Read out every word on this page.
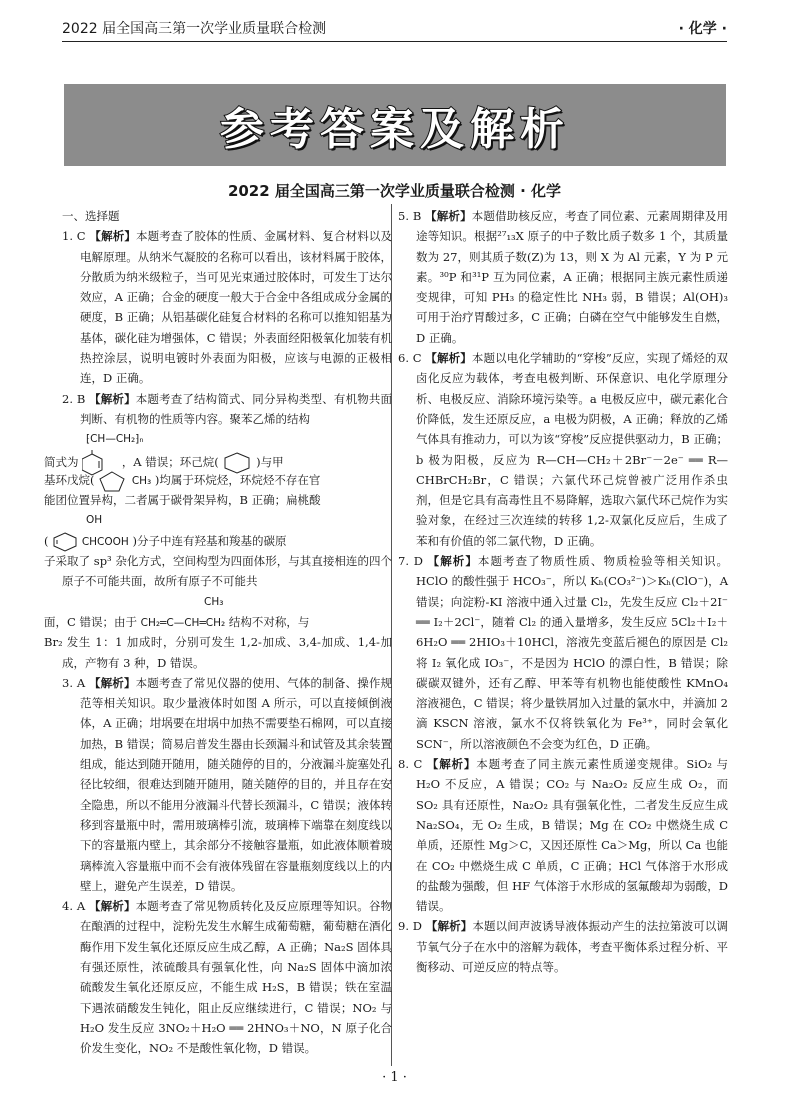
2022 届全国高三第一次学业质量联合检测	· 化学 ·
参考答案及解析
2022 届全国高三第一次学业质量联合检测 · 化学
一、选择题

1. C 【解析】本题考查了胶体的性质、金属材料、复合材料以及电解原理。从纳米气凝胶的名称可以看出，该材料属于胶体，分散质为纳米级粒子，当可见光束通过胶体时，可发生丁达尔效应，A 正确；合金的硬度一般大于合金中各组成成分金属的硬度，B 正确；从铝基碳化硅复合材料的名称可以推知铝基为基体，碳化硅为增强体，C 错误；外表面经阳极氧化加装有机热控涂层，说明电镀时外表面为阳极，应该与电源的正极相连，D 正确。

2. B 【解析】本题考查了结构简式、同分异构类型、有机物共面判断、有机物的性质等内容。聚苯乙烯的结构
⁅CH—CH₂⁆ₙ
简式为	，A 错误；环己烷(	)与甲
基环戊烷(	CH₃ )均属于环烷烃，环烷烃不存在官
能团位置异构，二者属于碳骨架异构，B 正确；扁桃酸
OH
(	CHCOOH )分子中连有羟基和羧基的碳原
子采取了 sp³ 杂化方式，空间构型为四面体形，与其直接相连的四个原子不可能共面，故所有原子不可能共
CH₃
面，C 错误；由于 CH₂═C—CH═CH₂ 结构不对称，与
Br₂ 发生 1：1 加成时，分别可发生 1,2-加成、3,4-加成、1,4-加成，产物有 3 种，D 错误。

3. A 【解析】本题考查了常见仪器的使用、气体的制备、操作规范等相关知识。取少量液体时如图 A 所示，可以直接倾倒液体，A 正确；坩埚要在坩埚中加热不需要垫石棉网，可以直接加热，B 错误；简易启普发生器由长颈漏斗和试管及其余装置组成，能达到随开随用，随关随停的目的，分液漏斗旋塞处孔径比较细，很难达到随开随用，随关随停的目的，并且存在安全隐患，所以不能用分液漏斗代替长颈漏斗，C 错误；液体转移到容量瓶中时，需用玻璃棒引流，玻璃棒下端靠在刻度线以下的容量瓶内壁上，其余部分不接触容量瓶，如此液体顺着玻璃棒流入容量瓶中而不会有液体残留在容量瓶刻度线以上的内壁上，避免产生误差，D 错误。

4. A 【解析】本题考查了常见物质转化及反应原理等知识。谷物在酿酒的过程中，淀粉先发生水解生成葡萄糖，葡萄糖在酒化酶作用下发生氧化还原反应生成乙醇，A 正确；Na₂S 固体具有强还原性，浓硫酸具有强氧化性，向 Na₂S 固体中滴加浓硫酸发生氧化还原反应，不能生成 H₂S，B 错误；铁在室温下遇浓硝酸发生钝化，阻止反应继续进行，C 错误；NO₂ 与 H₂O 发生反应 3NO₂＋H₂O ══ 2HNO₃＋NO，N 原子化合价发生变化，NO₂ 不是酸性氧化物，D 错误。

5. B 【解析】本题借助核反应，考查了同位素、元素周期律及用途等知识。根据²⁷₁₃X 原子的中子数比质子数多 1 个，其质量数为 27，则其质子数(Z)为 13，则 X 为 Al 元素，Y 为 P 元素。³⁰P 和³¹P 互为同位素，A 正确；根据同主族元素性质递变规律，可知 PH₃ 的稳定性比 NH₃ 弱，B 错误；Al(OH)₃ 可用于治疗胃酸过多，C 正确；白磷在空气中能够发生自燃，D 正确。

6. C 【解析】本题以电化学辅助的“穿梭”反应，实现了烯烃的双卤化反应为载体，考查电极判断、环保意识、电化学原理分析、电极反应、消除环境污染等。a 电极反应中，碳元素化合价降低，发生还原反应，a 电极为阴极，A 正确；释放的乙烯气体具有推动力，可以为该“穿梭”反应提供驱动力，B 正确；b 极为阳极，反应为 R—CH—CH₂＋2Br⁻－2e⁻ ══ R—CHBrCH₂Br，C 错误；六氯代环己烷曾被广泛用作杀虫剂，但是它具有高毒性且不易降解，选取六氯代环己烷作为实验对象，在经过三次连续的转移 1,2-双氯化反应后，生成了苯和有价值的邻二氯代物，D 正确。

7. D 【解析】本题考查了物质性质、物质检验等相关知识。HClO 的酸性强于 HCO₃⁻，所以 Kₕ(CO₃²⁻)＞Kₕ(ClO⁻)，A 错误；向淀粉-KI 溶液中通入过量 Cl₂，先发生反应 Cl₂＋2I⁻ ══ I₂＋2Cl⁻，随着 Cl₂ 的通入量增多，发生反应 5Cl₂＋I₂＋6H₂O ══ 2HIO₃＋10HCl，溶液先变蓝后褪色的原因是 Cl₂ 将 I₂ 氧化成 IO₃⁻，不是因为 HClO 的漂白性，B 错误；除碳碳双键外，还有乙醇、甲苯等有机物也能使酸性 KMnO₄ 溶液褪色，C 错误；将少量铁屑加入过量的氯水中，并滴加 2 滴 KSCN 溶液，氯水不仅将铁氧化为 Fe³⁺，同时会氧化 SCN⁻，所以溶液颜色不会变为红色，D 正确。

8. C 【解析】本题考查了同主族元素性质递变规律。SiO₂ 与 H₂O 不反应，A 错误；CO₂ 与 Na₂O₂ 反应生成 O₂，而 SO₂ 具有还原性，Na₂O₂ 具有强氧化性，二者发生反应生成 Na₂SO₄，无 O₂ 生成，B 错误；Mg 在 CO₂ 中燃烧生成 C 单质，还原性 Mg＞C，又因还原性 Ca＞Mg，所以 Ca 也能在 CO₂ 中燃烧生成 C 单质，C 正确；HCl 气体溶于水形成的盐酸为强酸，但 HF 气体溶于水形成的氢氟酸却为弱酸，D 错误。

9. D 【解析】本题以间声波诱导液体振动产生的法拉第波可以调节氧气分子在水中的溶解为载体，考查平衡体系过程分析、平衡移动、可逆反应的特点等。

· 1 ·
